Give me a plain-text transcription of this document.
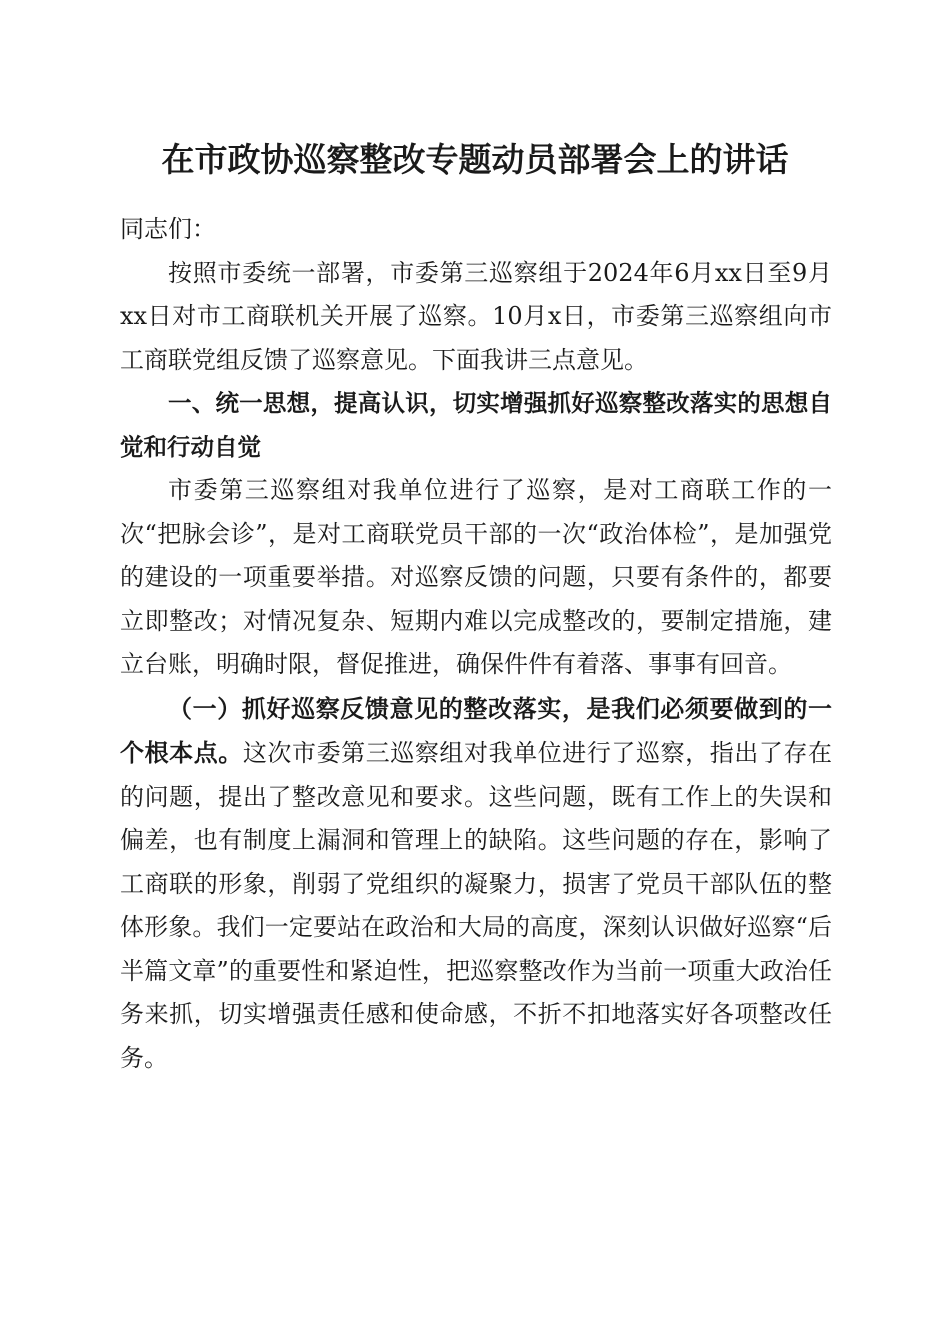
在市政协巡察整改专题动员部署会上的讲话

同志们：

按照市委统一部署，市委第三巡察组于2024年6月xx日至9月xx日对市工商联机关开展了巡察。10月x日，市委第三巡察组向市工商联党组反馈了巡察意见。下面我讲三点意见。

一、统一思想，提高认识，切实增强抓好巡察整改落实的思想自觉和行动自觉

市委第三巡察组对我单位进行了巡察，是对工商联工作的一次“把脉会诊”，是对工商联党员干部的一次“政治体检”，是加强党的建设的一项重要举措。对巡察反馈的问题，只要有条件的，都要立即整改；对情况复杂、短期内难以完成整改的，要制定措施，建立台账，明确时限，督促推进，确保件件有着落、事事有回音。

（一）抓好巡察反馈意见的整改落实，是我们必须要做到的一个根本点。这次市委第三巡察组对我单位进行了巡察，指出了存在的问题，提出了整改意见和要求。这些问题，既有工作上的失误和偏差，也有制度上漏洞和管理上的缺陷。这些问题的存在，影响了工商联的形象，削弱了党组织的凝聚力，损害了党员干部队伍的整体形象。我们一定要站在政治和大局的高度，深刻认识做好巡察“后半篇文章”的重要性和紧迫性，把巡察整改作为当前一项重大政治任务来抓，切实增强责任感和使命感，不折不扣地落实好各项整改任务。
